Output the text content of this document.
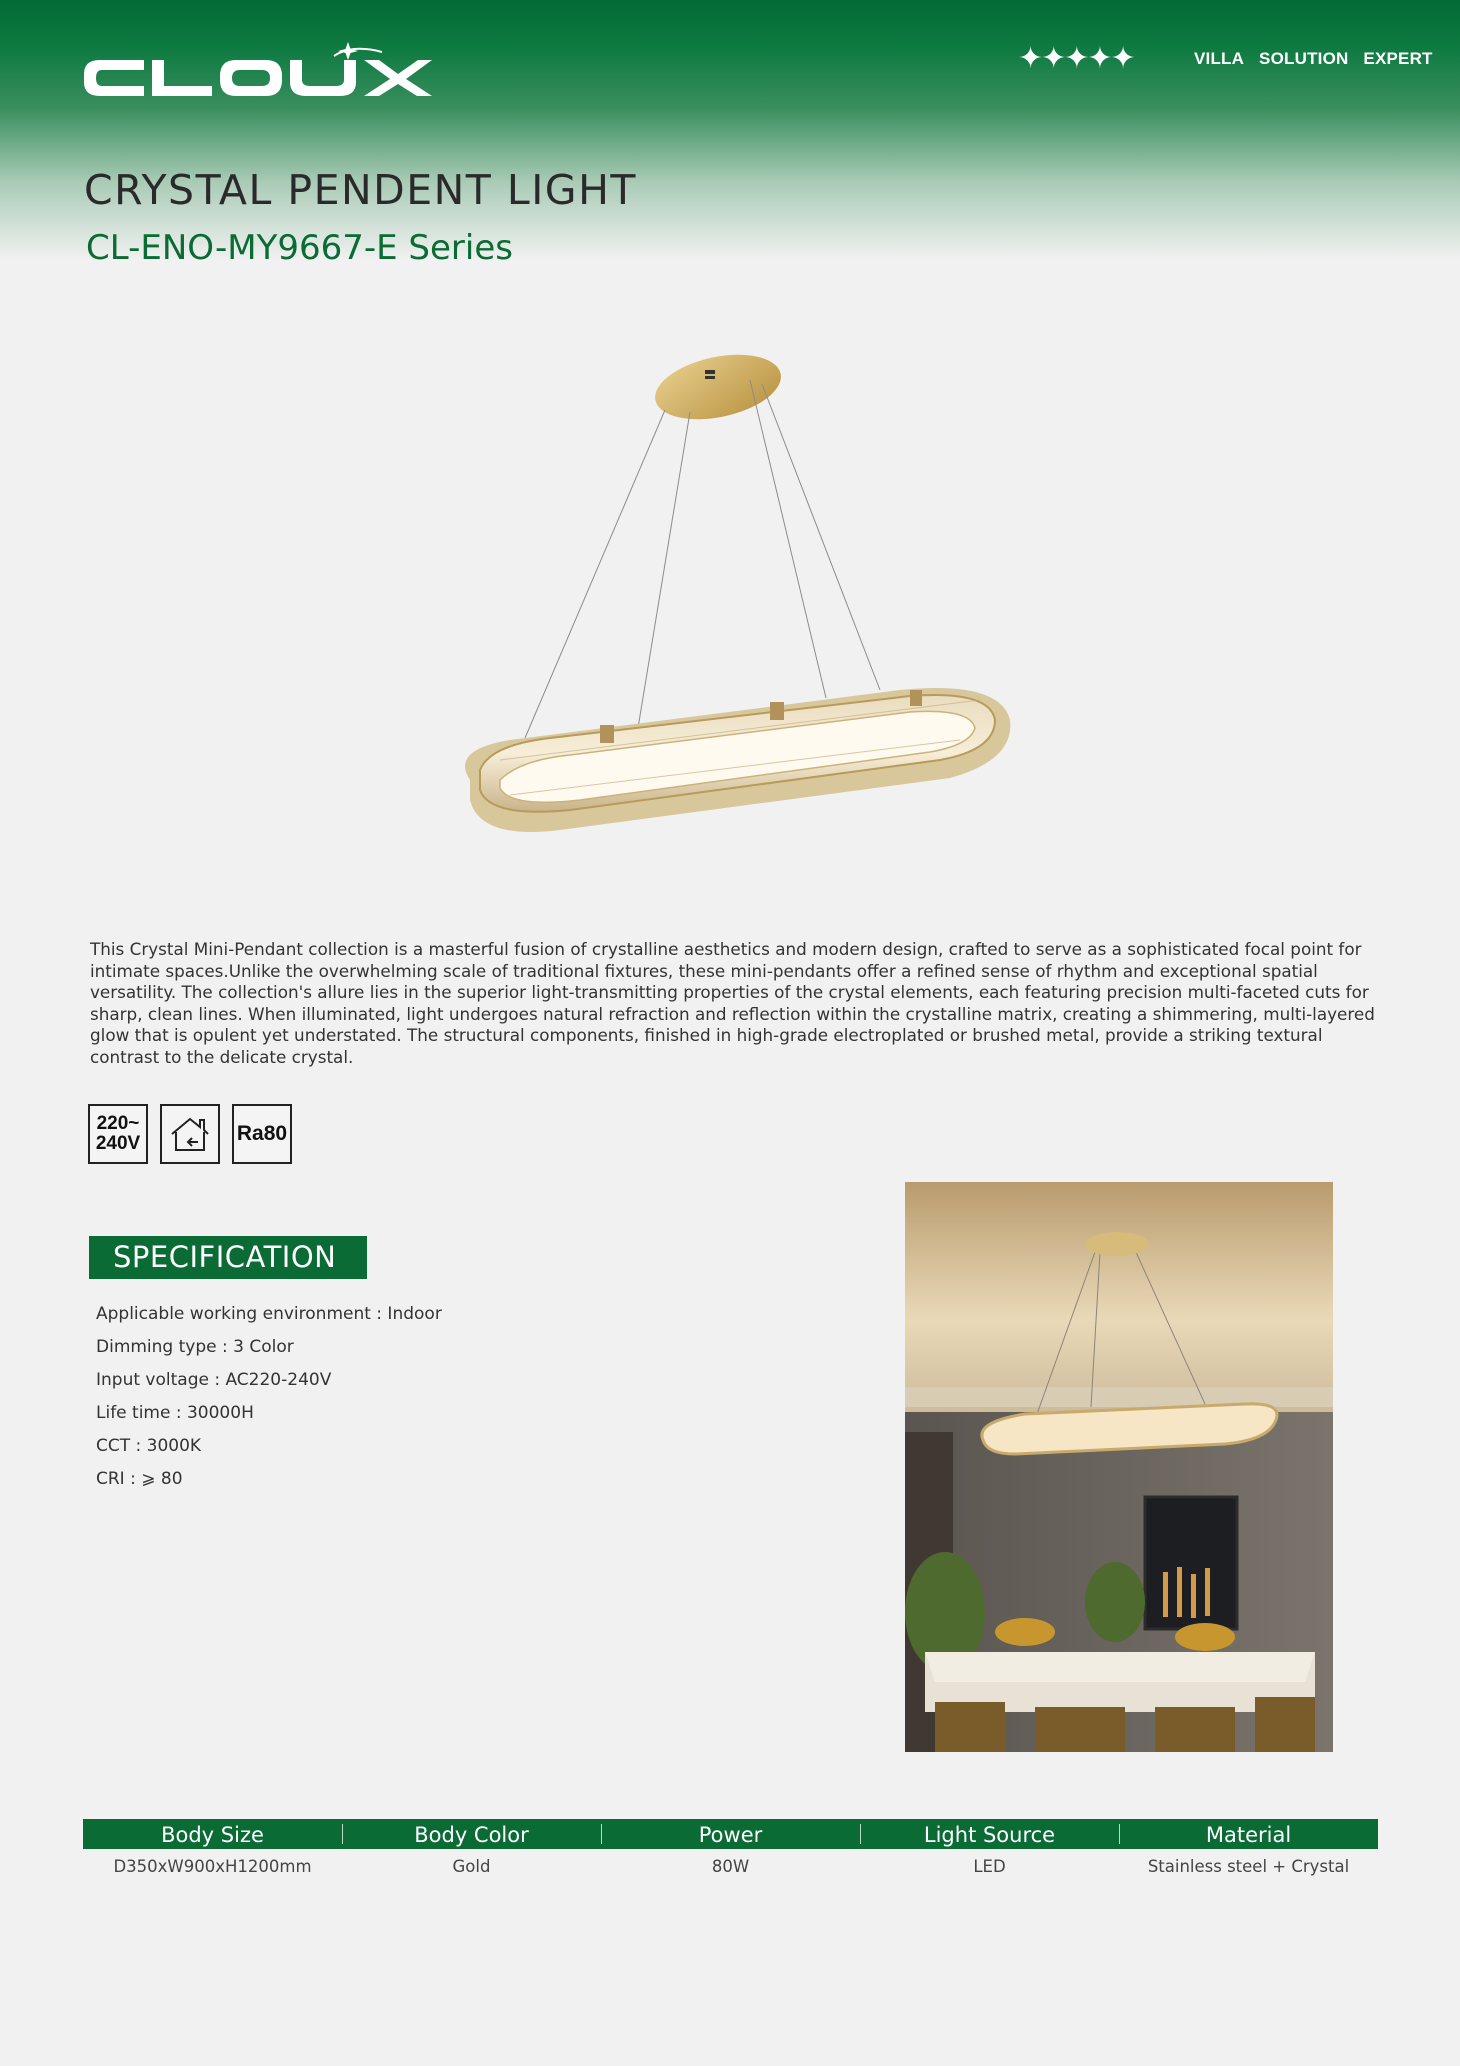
✦✦✦✦✦	VILLA SOLUTION EXPERT
CRYSTAL PENDENT LIGHT
CL-ENO-MY9667-E Series
This Crystal Mini-Pendant collection is a masterful fusion of crystalline aesthetics and modern design, crafted to serve as a sophisticated focal point for intimate spaces.Unlike the overwhelming scale of traditional fixtures, these mini-pendants offer a refined sense of rhythm and exceptional spatial versatility. The collection's allure lies in the superior light-transmitting properties of the crystal elements, each featuring precision multi-faceted cuts for sharp, clean lines. When illuminated, light undergoes natural refraction and reflection within the crystalline matrix, creating a shimmering, multi-layered glow that is opulent yet understated. The structural components, finished in high-grade electroplated or brushed metal, provide a striking textural contrast to the delicate crystal.
220~
240V	Ra80
SPECIFICATION
Applicable working environment : Indoor
Dimming type : 3 Color
Input voltage : AC220-240V
Life time : 30000H
CCT : 3000K
CRI : ⩾ 80
Body Size	Body Color	Power	Light Source	Material
D350xW900xH1200mm	Gold	80W	LED	Stainless steel + Crystal
